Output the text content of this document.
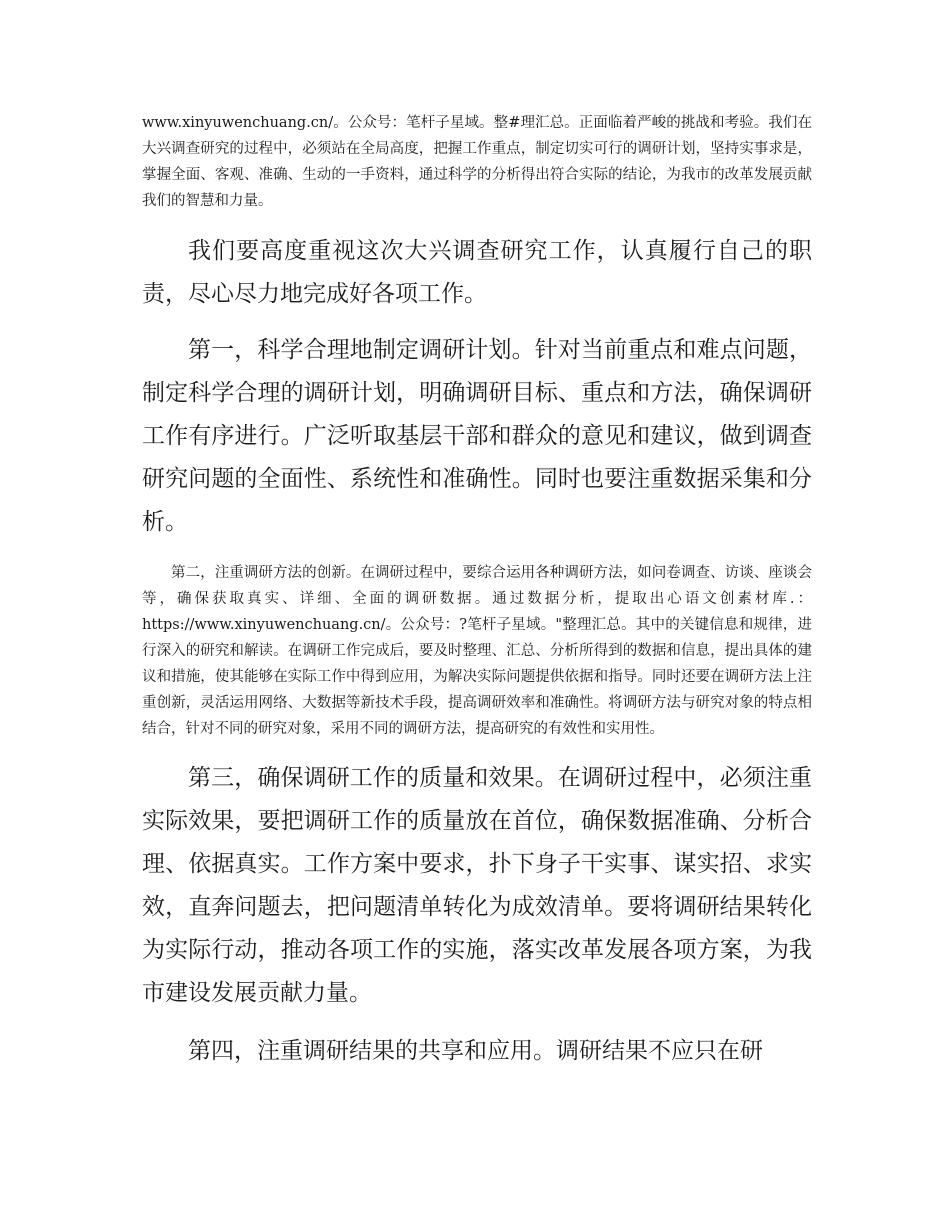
www.xinyuwenchuang.cn/。公众号：笔杆子星域。整#理汇总。正面临着严峻的挑战和考验。我们在大兴调查研究的过程中，必须站在全局高度，把握工作重点，制定切实可行的调研计划，坚持实事求是，掌握全面、客观、准确、生动的一手资料，通过科学的分析得出符合实际的结论，为我市的改革发展贡献我们的智慧和力量。

我们要高度重视这次大兴调查研究工作，认真履行自己的职责，尽心尽力地完成好各项工作。

第一，科学合理地制定调研计划。针对当前重点和难点问题，制定科学合理的调研计划，明确调研目标、重点和方法，确保调研工作有序进行。广泛听取基层干部和群众的意见和建议，做到调查研究问题的全面性、系统性和准确性。同时也要注重数据采集和分析。

第二，注重调研方法的创新。在调研过程中，要综合运用各种调研方法，如问卷调查、访谈、座谈会等，确保获取真实、详细、全面的调研数据。通过数据分析，提取出心语文创素材库.：https://www.xinyuwenchuang.cn/。公众号：?笔杆子星域。"整理汇总。其中的关键信息和规律，进行深入的研究和解读。在调研工作完成后，要及时整理、汇总、分析所得到的数据和信息，提出具体的建议和措施，使其能够在实际工作中得到应用，为解决实际问题提供依据和指导。同时还要在调研方法上注重创新，灵活运用网络、大数据等新技术手段，提高调研效率和准确性。将调研方法与研究对象的特点相结合，针对不同的研究对象，采用不同的调研方法，提高研究的有效性和实用性。

第三，确保调研工作的质量和效果。在调研过程中，必须注重实际效果，要把调研工作的质量放在首位，确保数据准确、分析合理、依据真实。工作方案中要求，扑下身子干实事、谋实招、求实效，直奔问题去，把问题清单转化为成效清单。要将调研结果转化为实际行动，推动各项工作的实施，落实改革发展各项方案，为我市建设发展贡献力量。

第四，注重调研结果的共享和应用。调研结果不应只在研
